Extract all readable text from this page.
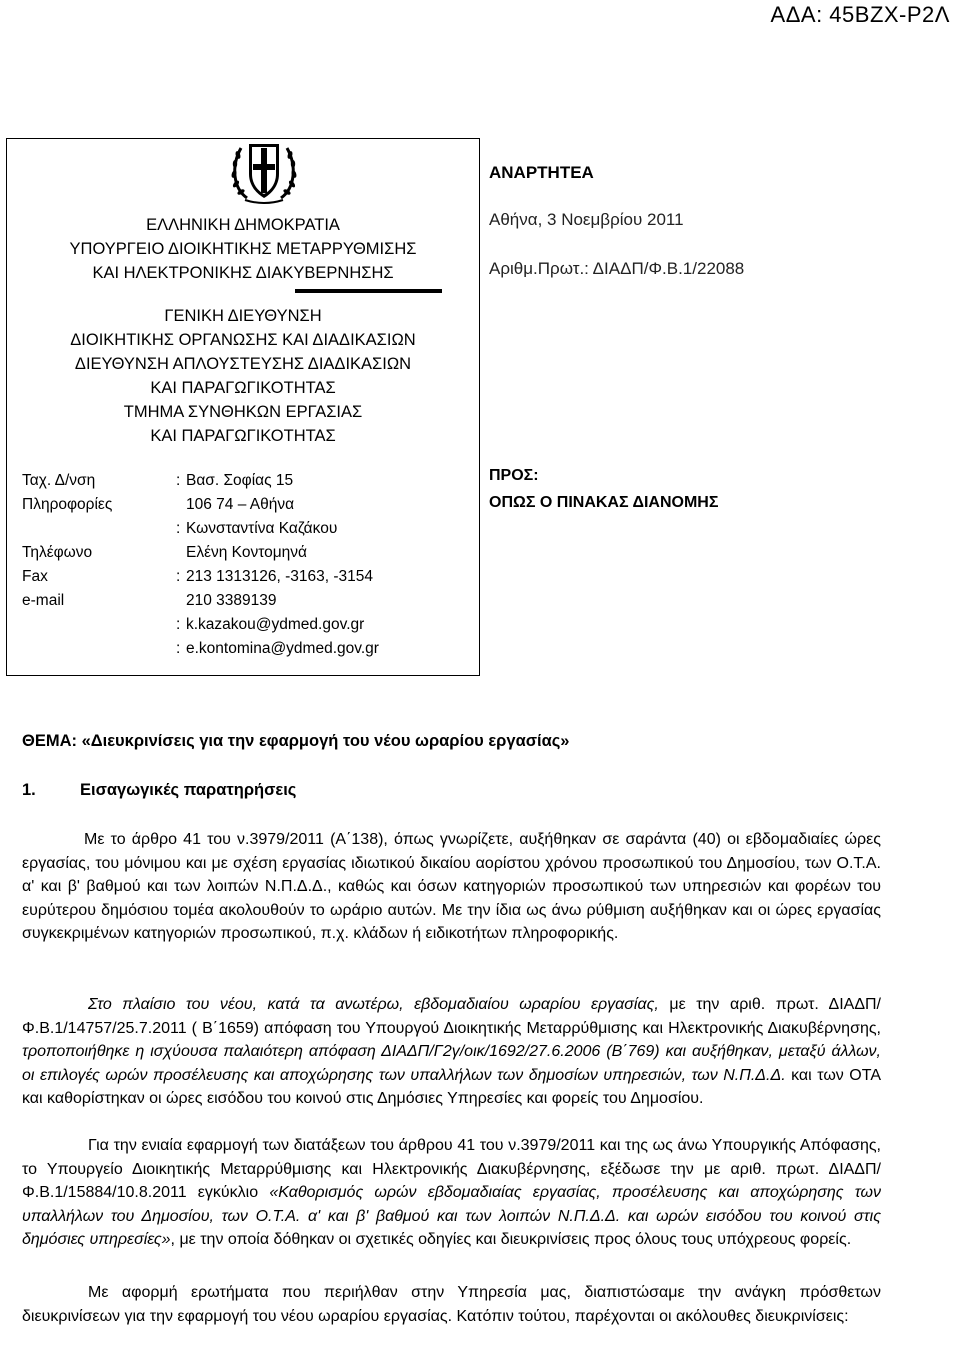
ΑΔΑ: 45ΒΖΧ-Ρ2Λ
ΕΛΛΗΝΙΚΗ ΔΗΜΟΚΡΑΤΙΑ
ΥΠΟΥΡΓΕΙΟ ΔΙΟΙΚΗΤΙΚΗΣ ΜΕΤΑΡΡΥΘΜΙΣΗΣ
ΚΑΙ ΗΛΕΚΤΡΟΝΙΚΗΣ ΔΙΑΚΥΒΕΡΝΗΣΗΣ
ΓΕΝΙΚΗ ΔΙΕΥΘΥΝΣΗ
ΔΙΟΙΚΗΤΙΚΗΣ ΟΡΓΑΝΩΣΗΣ ΚΑΙ ΔΙΑΔΙΚΑΣΙΩΝ
ΔΙΕΥΘΥΝΣΗ ΑΠΛΟΥΣΤΕΥΣΗΣ ΔΙΑΔΙΚΑΣΙΩΝ
ΚΑΙ ΠΑΡΑΓΩΓΙΚΟΤΗΤΑΣ
ΤΜΗΜΑ ΣΥΝΘΗΚΩΝ ΕΡΓΑΣΙΑΣ
ΚΑΙ ΠΑΡΑΓΩΓΙΚΟΤΗΤΑΣ
Ταχ. Δ/νση	: Βασ. Σοφίας 15
Πληροφορίες	106 74 – Αθήνα
: Κωνσταντίνα Καζάκου
Τηλέφωνο	Ελένη Κοντομηνά
Fax	: 213 1313126, -3163, -3154
e-mail	210 3389139
: k.kazakou@ydmed.gov.gr
: e.kontomina@ydmed.gov.gr
ΑΝΑΡΤΗΤΕΑ
Αθήνα, 3 Νοεμβρίου 2011
Αριθμ.Πρωτ.: ΔΙΑΔΠ/Φ.Β.1/22088
ΠΡΟΣ:
ΟΠΩΣ Ο ΠΙΝΑΚΑΣ ΔΙΑΝΟΜΗΣ
ΘΕΜΑ: «Διευκρινίσεις για την εφαρμογή του νέου ωραρίου εργασίας»
1.	Εισαγωγικές παρατηρήσεις
Με το άρθρο 41 του ν.3979/2011 (Α΄138), όπως γνωρίζετε, αυξήθηκαν σε σαράντα (40) οι εβδομαδιαίες ώρες εργασίας, του μόνιμου και με σχέση εργασίας ιδιωτικού δικαίου αορίστου χρόνου προσωπικού του Δημοσίου, των Ο.Τ.Α. α' και β' βαθμού και των λοιπών Ν.Π.Δ.Δ., καθώς και όσων κατηγοριών προσωπικού των υπηρεσιών και φορέων του ευρύτερου δημόσιου τομέα ακολουθούν το ωράριο αυτών. Με την ίδια ως άνω ρύθμιση αυξήθηκαν και οι ώρες εργασίας συγκεκριμένων κατηγοριών προσωπικού, π.χ. κλάδων ή ειδικοτήτων πληροφορικής.
Στο πλαίσιο του νέου, κατά τα ανωτέρω, εβδομαδιαίου ωραρίου εργασίας, με την αριθ. πρωτ. ΔΙΑΔΠ/Φ.Β.1/14757/25.7.2011 ( Β΄1659) απόφαση του Υπουργού Διοικητικής Μεταρρύθμισης και Ηλεκτρονικής Διακυβέρνησης, τροποποιήθηκε η ισχύουσα παλαιότερη απόφαση ΔΙΑΔΠ/Γ2γ/οικ/1692/27.6.2006 (Β΄769) και αυξήθηκαν, μεταξύ άλλων, οι επιλογές ωρών προσέλευσης και αποχώρησης των υπαλλήλων των δημοσίων υπηρεσιών, των Ν.Π.Δ.Δ. και των ΟΤΑ και καθορίστηκαν οι ώρες εισόδου του κοινού στις Δημόσιες Υπηρεσίες και φορείς του Δημοσίου.
Για την ενιαία εφαρμογή των διατάξεων του άρθρου 41 του ν.3979/2011 και της ως άνω Υπουργικής Απόφασης, το Υπουργείο Διοικητικής Μεταρρύθμισης και Ηλεκτρονικής Διακυβέρνησης, εξέδωσε την με αριθ. πρωτ. ΔΙΑΔΠ/Φ.Β.1/15884/10.8.2011 εγκύκλιο «Καθορισμός ωρών εβδομαδιαίας εργασίας, προσέλευσης και αποχώρησης των υπαλλήλων του Δημοσίου, των Ο.Τ.Α. α' και β' βαθμού και των λοιπών Ν.Π.Δ.Δ. και ωρών εισόδου του κοινού στις δημόσιες υπηρεσίες», με την οποία δόθηκαν οι σχετικές οδηγίες και διευκρινίσεις προς όλους τους υπόχρεους φορείς.
Με αφορμή ερωτήματα που περιήλθαν στην Υπηρεσία μας, διαπιστώσαμε την ανάγκη πρόσθετων διευκρινίσεων για την εφαρμογή του νέου ωραρίου εργασίας. Κατόπιν τούτου, παρέχονται οι ακόλουθες διευκρινίσεις:
